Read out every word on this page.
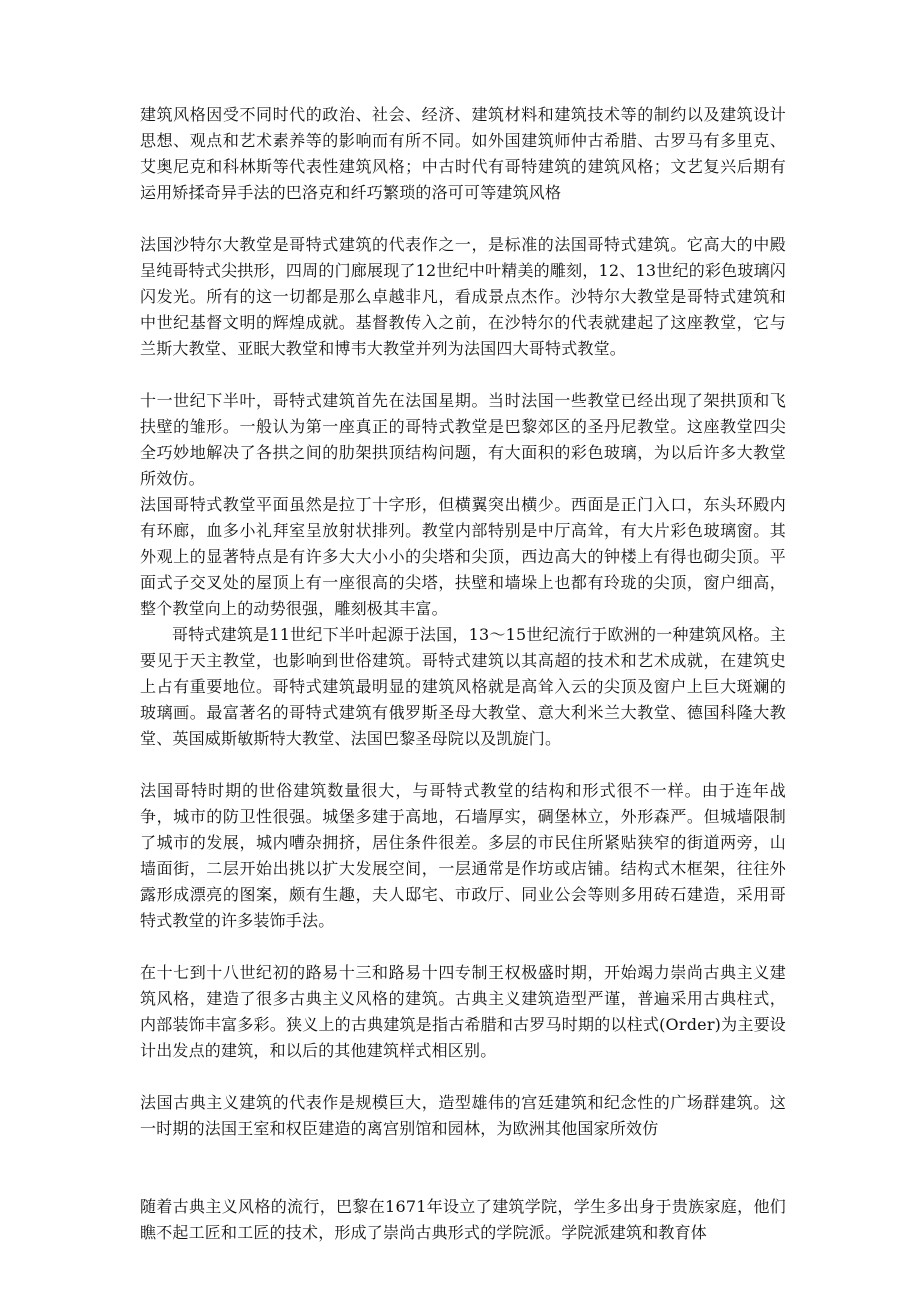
建筑风格因受不同时代的政治、社会、经济、建筑材料和建筑技术等的制约以及建筑设计思想、观点和艺术素养等的影响而有所不同。如外国建筑师仲古希腊、古罗马有多里克、艾奥尼克和科林斯等代表性建筑风格；中古时代有哥特建筑的建筑风格；文艺复兴后期有运用矫揉奇异手法的巴洛克和纤巧繁琐的洛可可等建筑风格

法国沙特尔大教堂是哥特式建筑的代表作之一，是标准的法国哥特式建筑。它高大的中殿呈纯哥特式尖拱形，四周的门廊展现了12世纪中叶精美的雕刻，12、13世纪的彩色玻璃闪闪发光。所有的这一切都是那么卓越非凡，看成景点杰作。沙特尔大教堂是哥特式建筑和中世纪基督文明的辉煌成就。基督教传入之前，在沙特尔的代表就建起了这座教堂，它与兰斯大教堂、亚眠大教堂和博韦大教堂并列为法国四大哥特式教堂。

十一世纪下半叶，哥特式建筑首先在法国星期。当时法国一些教堂已经出现了架拱顶和飞扶壁的雏形。一般认为第一座真正的哥特式教堂是巴黎郊区的圣丹尼教堂。这座教堂四尖全巧妙地解决了各拱之间的肋架拱顶结构问题，有大面积的彩色玻璃，为以后许多大教堂所效仿。

法国哥特式教堂平面虽然是拉丁十字形，但横翼突出横少。西面是正门入口，东头环殿内有环廊，血多小礼拜室呈放射状排列。教堂内部特别是中厅高耸，有大片彩色玻璃窗。其外观上的显著特点是有许多大大小小的尖塔和尖顶，西边高大的钟楼上有得也砌尖顶。平面式子交叉处的屋顶上有一座很高的尖塔，扶壁和墙垛上也都有玲珑的尖顶，窗户细高，整个教堂向上的动势很强，雕刻极其丰富。

哥特式建筑是11世纪下半叶起源于法国，13～15世纪流行于欧洲的一种建筑风格。主要见于天主教堂，也影响到世俗建筑。哥特式建筑以其高超的技术和艺术成就，在建筑史上占有重要地位。哥特式建筑最明显的建筑风格就是高耸入云的尖顶及窗户上巨大斑斓的玻璃画。最富著名的哥特式建筑有俄罗斯圣母大教堂、意大利米兰大教堂、德国科隆大教堂、英国威斯敏斯特大教堂、法国巴黎圣母院以及凯旋门。

法国哥特时期的世俗建筑数量很大，与哥特式教堂的结构和形式很不一样。由于连年战争，城市的防卫性很强。城堡多建于高地，石墙厚实，碉堡林立，外形森严。但城墙限制了城市的发展，城内嘈杂拥挤，居住条件很差。多层的市民住所紧贴狭窄的街道两旁，山墙面街，二层开始出挑以扩大发展空间，一层通常是作坊或店铺。结构式木框架，往往外露形成漂亮的图案，颇有生趣，夫人邸宅、市政厅、同业公会等则多用砖石建造，采用哥特式教堂的许多装饰手法。

在十七到十八世纪初的路易十三和路易十四专制王权极盛时期，开始竭力崇尚古典主义建筑风格，建造了很多古典主义风格的建筑。古典主义建筑造型严谨，普遍采用古典柱式，内部装饰丰富多彩。狭义上的古典建筑是指古希腊和古罗马时期的以柱式(Order)为主要设计出发点的建筑，和以后的其他建筑样式相区别。

法国古典主义建筑的代表作是规模巨大，造型雄伟的宫廷建筑和纪念性的广场群建筑。这一时期的法国王室和权臣建造的离宫别馆和园林，为欧洲其他国家所效仿

随着古典主义风格的流行，巴黎在1671年设立了建筑学院，学生多出身于贵族家庭，他们瞧不起工匠和工匠的技术，形成了崇尚古典形式的学院派。学院派建筑和教育体
